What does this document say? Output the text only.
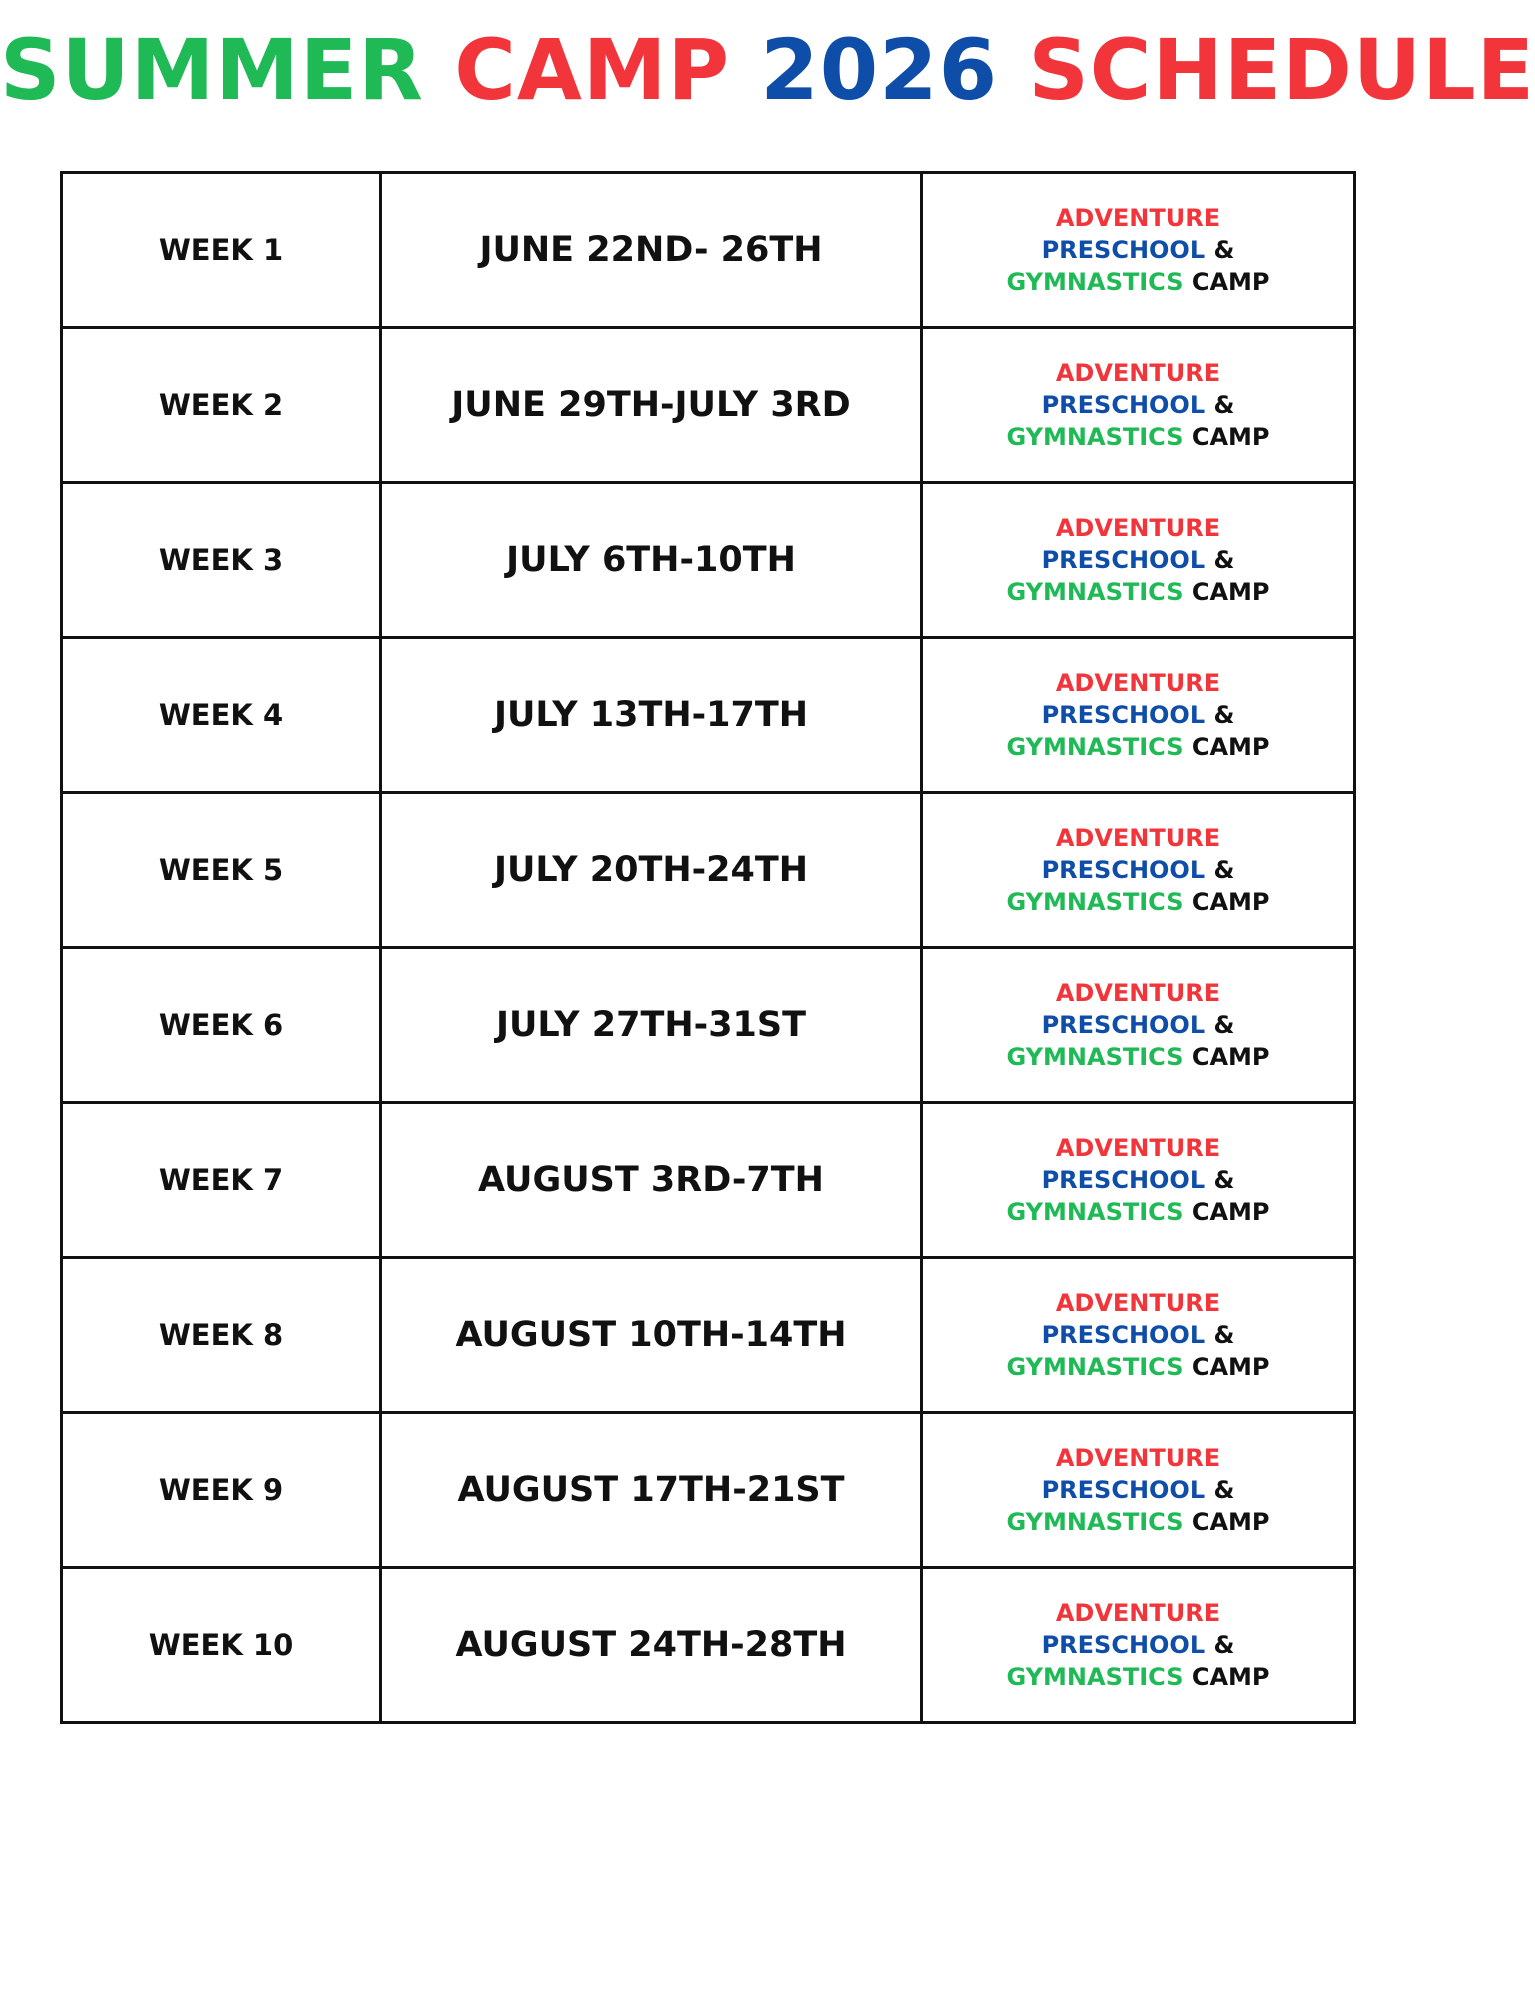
SUMMER CAMP 2026 SCHEDULE
WEEK 1	JUNE 22ND- 26TH	ADVENTURE
PRESCHOOL &
GYMNASTICS CAMP

WEEK 2	JUNE 29TH-JULY 3RD	ADVENTURE
PRESCHOOL &
GYMNASTICS CAMP

WEEK 3	JULY 6TH-10TH	ADVENTURE
PRESCHOOL &
GYMNASTICS CAMP

WEEK 4	JULY 13TH-17TH	ADVENTURE
PRESCHOOL &
GYMNASTICS CAMP

WEEK 5	JULY 20TH-24TH	ADVENTURE
PRESCHOOL &
GYMNASTICS CAMP

WEEK 6	JULY 27TH-31ST	ADVENTURE
PRESCHOOL &
GYMNASTICS CAMP

WEEK 7	AUGUST 3RD-7TH	ADVENTURE
PRESCHOOL &
GYMNASTICS CAMP

WEEK 8	AUGUST 10TH-14TH	ADVENTURE
PRESCHOOL &
GYMNASTICS CAMP

WEEK 9	AUGUST 17TH-21ST	ADVENTURE
PRESCHOOL &
GYMNASTICS CAMP

WEEK 10	AUGUST 24TH-28TH	ADVENTURE
PRESCHOOL &
GYMNASTICS CAMP
